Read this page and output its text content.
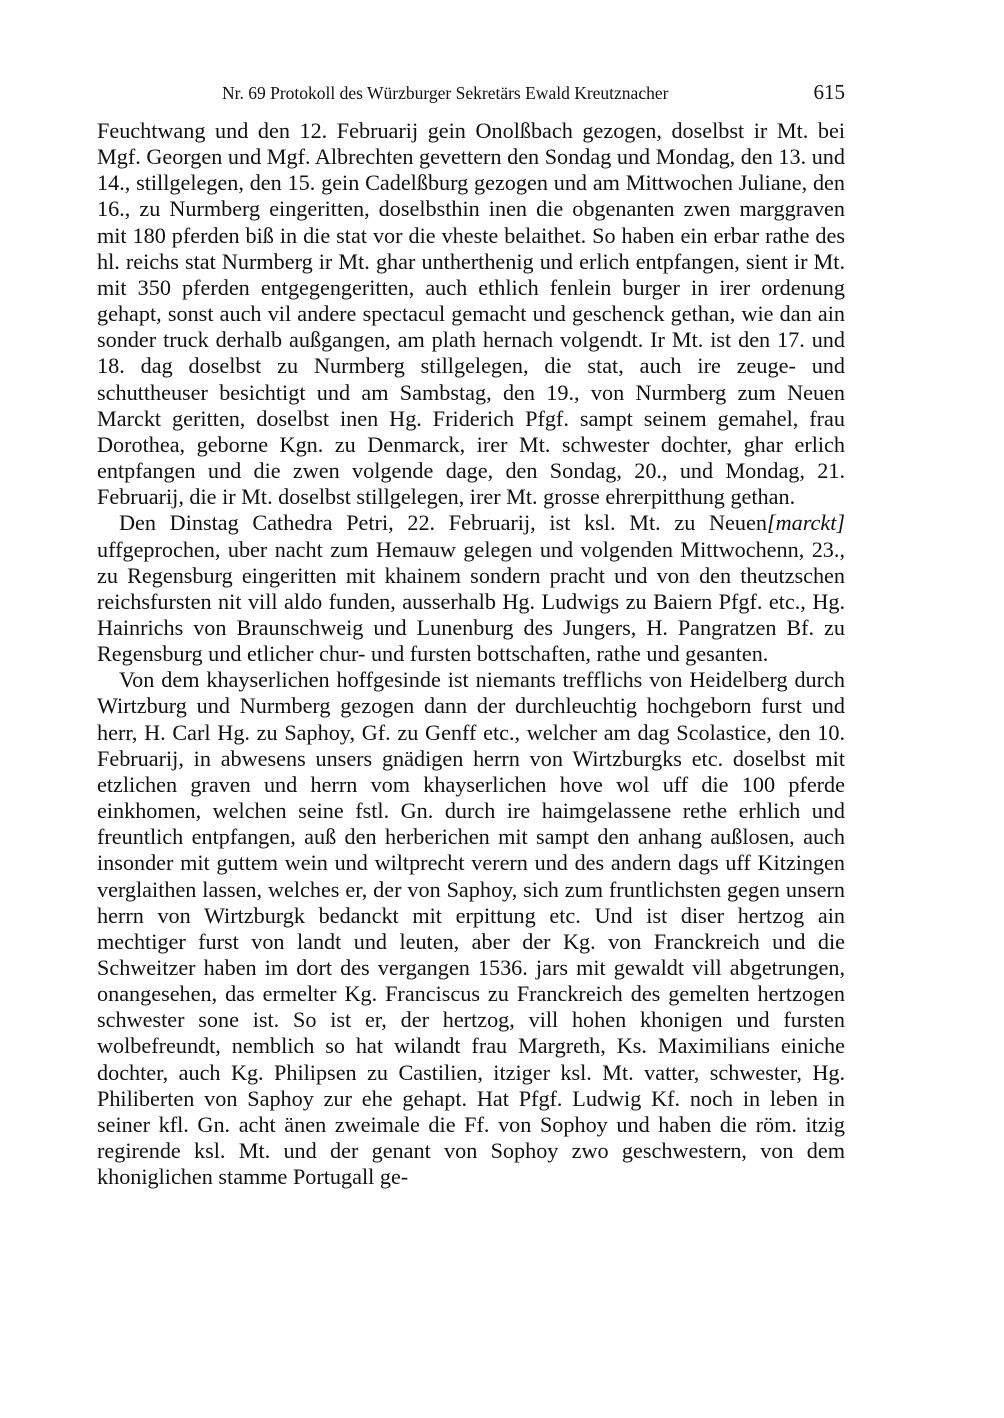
Nr. 69 Protokoll des Würzburger Sekretärs Ewald Kreutznacher	615

Feuchtwang und den 12. Februarij gein Onolßbach gezogen, doselbst ir Mt. bei Mgf. Georgen und Mgf. Albrechten gevettern den Sondag und Mondag, den 13. und 14., stillgelegen, den 15. gein Cadelßburg gezogen und am Mittwochen Juliane, den 16., zu Nurmberg eingeritten, doselbsthin inen die obgenanten zwen marggraven mit 180 pferden biß in die stat vor die vheste belaithet. So haben ein erbar rathe des hl. reichs stat Nurmberg ir Mt. ghar untherthenig und erlich entpfangen, sient ir Mt. mit 350 pferden entgegengeritten, auch ethlich fenlein burger in irer ordenung gehapt, sonst auch vil andere spectacul gemacht und geschenck gethan, wie dan ain sonder truck derhalb außgangen, am plath hernach volgendt. Ir Mt. ist den 17. und 18. dag doselbst zu Nurmberg stillgelegen, die stat, auch ire zeuge- und schuttheuser besichtigt und am Sambstag, den 19., von Nurmberg zum Neuen Marckt geritten, doselbst inen Hg. Friderich Pfgf. sampt seinem gemahel, frau Dorothea, geborne Kgn. zu Denmarck, irer Mt. schwester dochter, ghar erlich entpfangen und die zwen volgende dage, den Sondag, 20., und Mondag, 21. Februarij, die ir Mt. doselbst stillgelegen, irer Mt. grosse ehrerpitthung gethan.

Den Dinstag Cathedra Petri, 22. Februarij, ist ksl. Mt. zu Neuen[marckt] uffgeprochen, uber nacht zum Hemauw gelegen und volgenden Mittwochenn, 23., zu Regensburg eingeritten mit khainem sondern pracht und von den theutzschen reichsfursten nit vill aldo funden, ausserhalb Hg. Ludwigs zu Baiern Pfgf. etc., Hg. Hainrichs von Braunschweig und Lunenburg des Jungers, H. Pangratzen Bf. zu Regensburg und etlicher chur- und fursten bottschaften, rathe und gesanten.

Von dem khayserlichen hoffgesinde ist niemants trefflichs von Heidelberg durch Wirtzburg und Nurmberg gezogen dann der durchleuchtig hochgeborn furst und herr, H. Carl Hg. zu Saphoy, Gf. zu Genff etc., welcher am dag Scolastice, den 10. Februarij, in abwesens unsers gnädigen herrn von Wirtzburgks etc. doselbst mit etzlichen graven und herrn vom khayserlichen hove wol uff die 100 pferde einkhomen, welchen seine fstl. Gn. durch ire haimgelassene rethe erhlich und freuntlich entpfangen, auß den herberichen mit sampt den anhang außlosen, auch insonder mit guttem wein und wiltprecht verern und des andern dags uff Kitzingen verglaithen lassen, welches er, der von Saphoy, sich zum fruntlichsten gegen unsern herrn von Wirtzburgk bedanckt mit erpittung etc. Und ist diser hertzog ain mechtiger furst von landt und leuten, aber der Kg. von Franckreich und die Schweitzer haben im dort des vergangen 1536. jars mit gewaldt vill abgetrungen, onangesehen, das ermelter Kg. Franciscus zu Franckreich des gemelten hertzogen schwester sone ist. So ist er, der hertzog, vill hohen khonigen und fursten wolbefreundt, nemblich so hat wilandt frau Margreth, Ks. Maximilians einiche dochter, auch Kg. Philipsen zu Castilien, itziger ksl. Mt. vatter, schwester, Hg. Philiberten von Saphoy zur ehe gehapt. Hat Pfgf. Ludwig Kf. noch in leben in seiner kfl. Gn. acht änen zweimale die Ff. von Sophoy und haben die röm. itzig regirende ksl. Mt. und der genant von Sophoy zwo geschwestern, von dem khoniglichen stamme Portugall ge-
